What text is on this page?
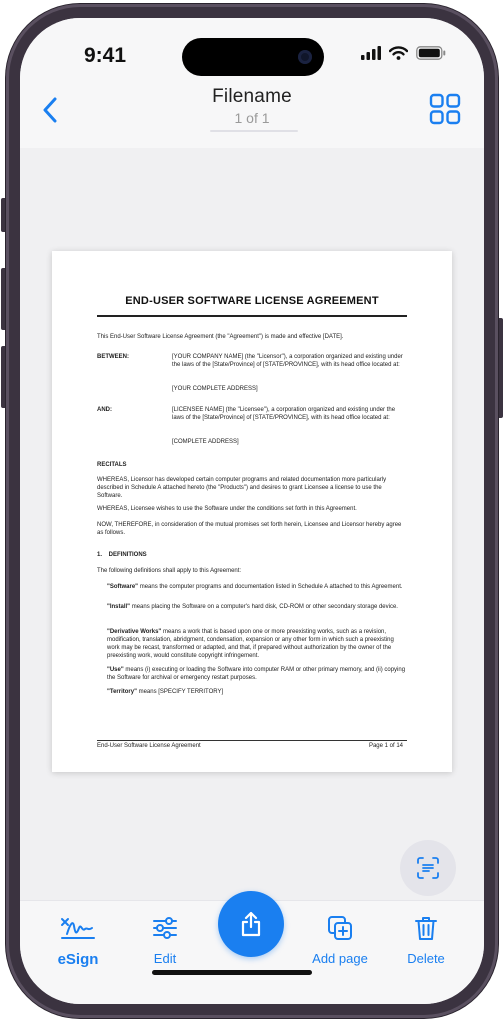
9:41
Filename
1 of 1
END-USER SOFTWARE LICENSE AGREEMENT
This End-User Software License Agreement (the "Agreement") is made and effective [DATE].
BETWEEN:	[YOUR COMPANY NAME] (the "Licensor"), a corporation organized and existing under the laws of the [State/Province] of [STATE/PROVINCE], with its head office located at:
[YOUR COMPLETE ADDRESS]
AND:	[LICENSEE NAME] (the "Licensee"), a corporation organized and existing under the laws of the [State/Province] of [STATE/PROVINCE], with its head office located at:
[COMPLETE ADDRESS]
RECITALS
WHEREAS, Licensor has developed certain computer programs and related documentation more particularly described in Schedule A attached hereto (the "Products") and desires to grant Licensee a license to use the Software.
WHEREAS, Licensee wishes to use the Software under the conditions set forth in this Agreement.
NOW, THEREFORE, in consideration of the mutual promises set forth herein, Licensee and Licensor hereby agree as follows.
1.    DEFINITIONS
The following definitions shall apply to this Agreement:
"Software" means the computer programs and documentation listed in Schedule A attached to this Agreement.
"Install" means placing the Software on a computer's hard disk, CD-ROM or other secondary storage device.
"Derivative Works" means a work that is based upon one or more preexisting works, such as a revision, modification, translation, abridgment, condensation, expansion or any other form in which such a preexisting work may be recast, transformed or adapted, and that, if prepared without authorization by the owner of the preexisting work, would constitute copyright infringement.
"Use" means (i) executing or loading the Software into computer RAM or other primary memory, and (ii) copying the Software for archival or emergency restart purposes.
"Territory" means [SPECIFY TERRITORY]
End-User Software License Agreement	Page 1 of 14
eSign	Edit	Add page	Delete
